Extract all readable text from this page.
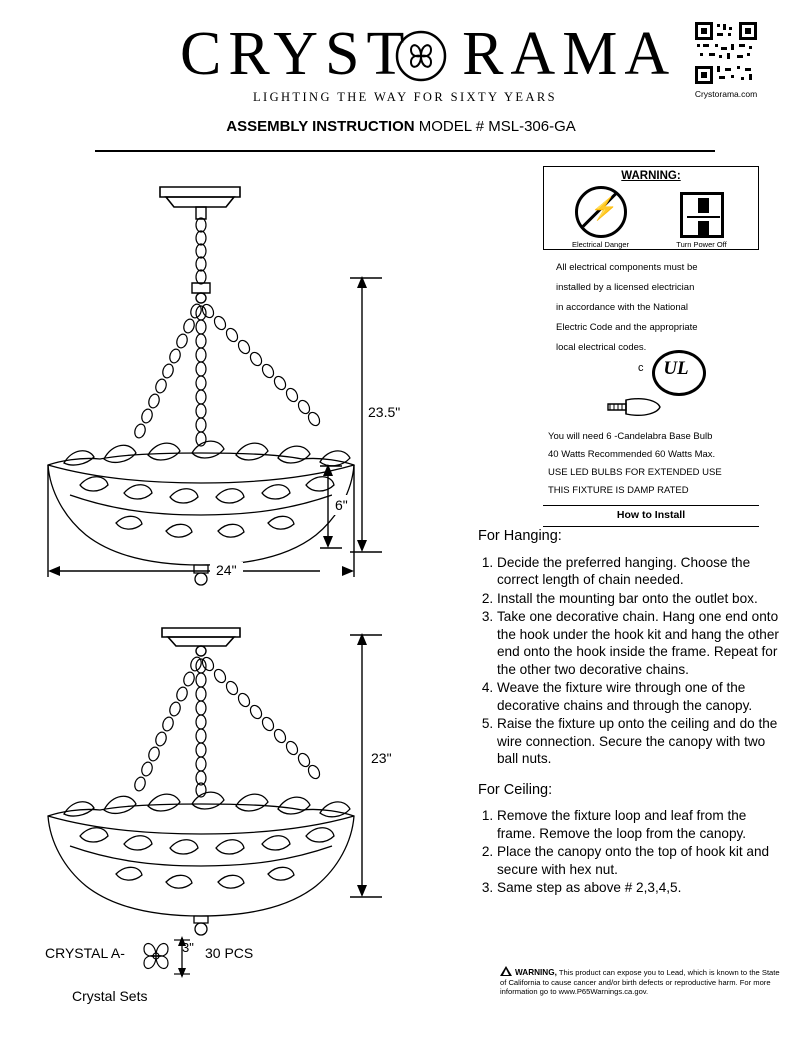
CRYST RAMA
LIGHTING THE WAY FOR SIXTY YEARS	Crystorama.com
ASSEMBLY INSTRUCTION MODEL # MSL-306-GA
WARNING:
⚡
Electrical Danger	Turn Power Off
All electrical components must be
installed by a licensed electrician
in accordance with the National
Electric Code and the appropriate
local electrical codes.
c	UL
You will need 6 -Candelabra Base Bulb
40 Watts Recommended 60 Watts Max.
USE LED BULBS FOR EXTENDED USE
THIS FIXTURE IS DAMP RATED
How to Install
For Hanging:
1. Decide the preferred hanging. Choose the correct length of chain needed.
2. Install the mounting bar onto the outlet box.
3. Take one decorative chain. Hang one end onto the hook under the hook kit and hang the other end onto the hook inside the frame. Repeat for the other two decorative chains.
4. Weave the fixture wire through one of the decorative chains and through the canopy.
5. Raise the fixture up onto the ceiling and do the wire connection. Secure the canopy with two ball nuts.
For Ceiling:
1. Remove the fixture loop and leaf from the frame. Remove the loop from the canopy.
2. Place the canopy onto the top of hook kit and secure with hex nut.
3. Same step as above # 2,3,4,5.
WARNING, This product can expose you to Lead, which is known to the State of California to cause cancer and/or birth defects or reproductive harm. For more information go to www.P65Warnings.ca.gov.
24"
23.5"
6"
23"
CRYSTAL A-	3" 30 PCS
Crystal Sets
